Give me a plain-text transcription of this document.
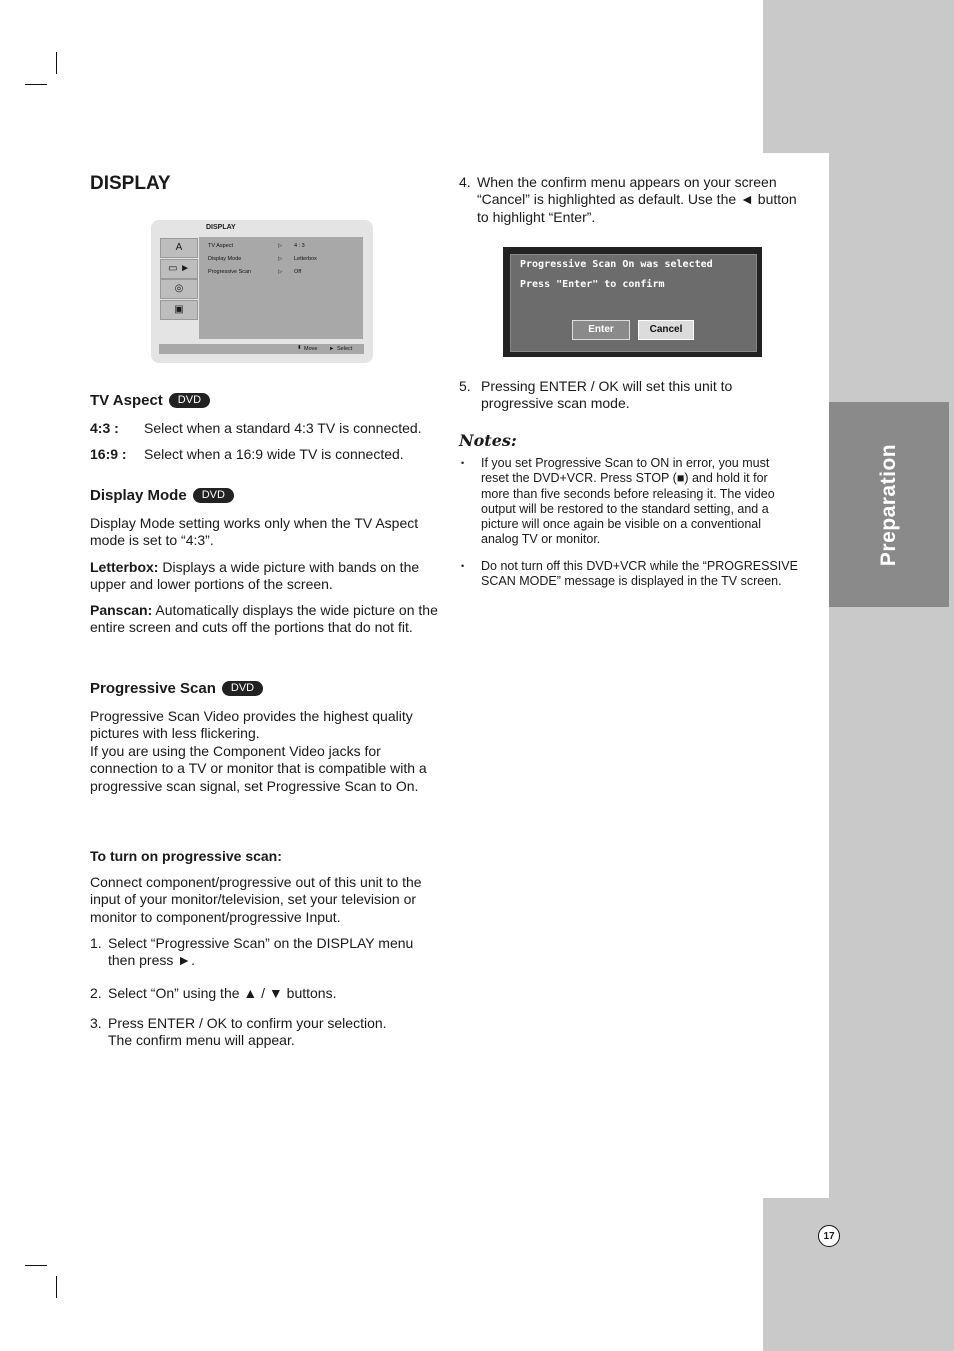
Preparation
17
DISPLAY
DISPLAY
A
▭ ►
◎
▣
TV Aspect	▷ 4 : 3
Display Mode	▷ Letterbox
Progressive Scan	▷ Off
⬍ Move ► Select
TV Aspect	DVD
4:3 : Select when a standard 4:3 TV is connected.
16:9 : Select when a 16:9 wide TV is connected.
Display Mode	DVD
Display Mode setting works only when the TV Aspect mode is set to “4:3”.
Letterbox: Displays a wide picture with bands on the upper and lower portions of the screen.
Panscan: Automatically displays the wide picture on the entire screen and cuts off the portions that do not fit.
Progressive Scan	DVD
Progressive Scan Video provides the highest quality pictures with less flickering.
If you are using the Component Video jacks for connection to a TV or monitor that is compatible with a progressive scan signal, set Progressive Scan to On.
To turn on progressive scan:
Connect component/progressive out of this unit to the input of your monitor/television, set your television or monitor to component/progressive Input.
1. Select “Progressive Scan” on the DISPLAY menu then press ►.
2. Select “On” using the ▲ / ▼ buttons.
3. Press ENTER / OK to confirm your selection. The confirm menu will appear.
4. When the confirm menu appears on your screen “Cancel” is highlighted as default. Use the ◄ button to highlight “Enter”.
Progressive Scan On was selected
Press "Enter" to confirm
Enter	Cancel
5. Pressing ENTER / OK will set this unit to progressive scan mode.
Notes:
• If you set Progressive Scan to ON in error, you must reset the DVD+VCR. Press STOP (■) and hold it for more than five seconds before releasing it. The video output will be restored to the standard setting, and a picture will once again be visible on a conventional analog TV or monitor.
• Do not turn off this DVD+VCR while the “PROGRESSIVE SCAN MODE” message is displayed in the TV screen.
